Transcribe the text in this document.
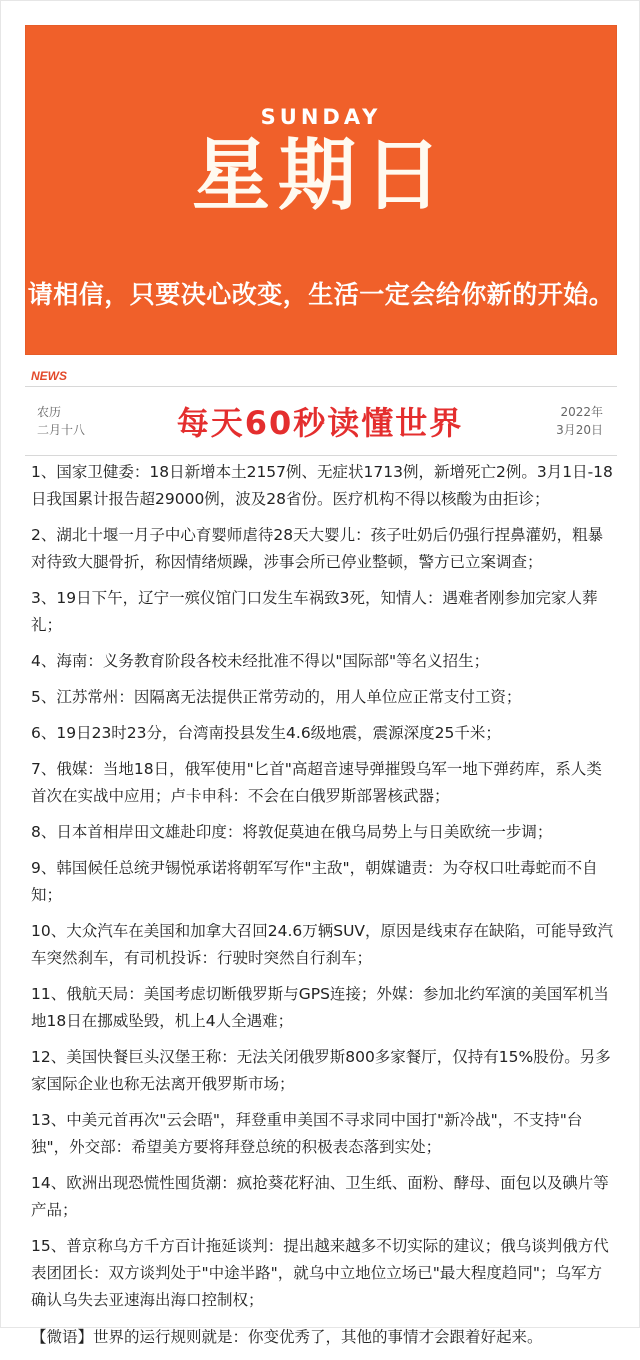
SUNDAY
星期日
请相信，只要决心改变，生活一定会给你新的开始。
NEWS
农历
二月十八	每天60秒读懂世界	2022年
3月20日
1、国家卫健委：18日新增本土2157例、无症状1713例，新增死亡2例。3月1日-18日我国累计报告超29000例，波及28省份。医疗机构不得以核酸为由拒诊；
2、湖北十堰一月子中心育婴师虐待28天大婴儿：孩子吐奶后仍强行捏鼻灌奶，粗暴对待致大腿骨折，称因情绪烦躁，涉事会所已停业整顿，警方已立案调查；
3、19日下午，辽宁一殡仪馆门口发生车祸致3死，知情人：遇难者刚参加完家人葬礼；
4、海南：义务教育阶段各校未经批准不得以"国际部"等名义招生；
5、江苏常州：因隔离无法提供正常劳动的，用人单位应正常支付工资；
6、19日23时23分，台湾南投县发生4.6级地震，震源深度25千米；
7、俄媒：当地18日，俄军使用"匕首"高超音速导弹摧毁乌军一地下弹药库，系人类首次在实战中应用；卢卡申科：不会在白俄罗斯部署核武器；
8、日本首相岸田文雄赴印度：将敦促莫迪在俄乌局势上与日美欧统一步调；
9、韩国候任总统尹锡悦承诺将朝军写作"主敌"，朝媒谴责：为夺权口吐毒蛇而不自知；
10、大众汽车在美国和加拿大召回24.6万辆SUV，原因是线束存在缺陷，可能导致汽车突然刹车，有司机投诉：行驶时突然自行刹车；
11、俄航天局：美国考虑切断俄罗斯与GPS连接；外媒：参加北约军演的美国军机当地18日在挪威坠毁，机上4人全遇难；
12、美国快餐巨头汉堡王称：无法关闭俄罗斯800多家餐厅，仅持有15%股份。另多家国际企业也称无法离开俄罗斯市场；
13、中美元首再次"云会晤"，拜登重申美国不寻求同中国打"新冷战"，不支持"台独"，外交部：希望美方要将拜登总统的积极表态落到实处；
14、欧洲出现恐慌性囤货潮：疯抢葵花籽油、卫生纸、面粉、酵母、面包以及碘片等产品；
15、普京称乌方千方百计拖延谈判：提出越来越多不切实际的建议；俄乌谈判俄方代表团团长：双方谈判处于"中途半路"，就乌中立地位立场已"最大程度趋同"；乌军方确认乌失去亚速海出海口控制权；
【微语】世界的运行规则就是：你变优秀了，其他的事情才会跟着好起来。
